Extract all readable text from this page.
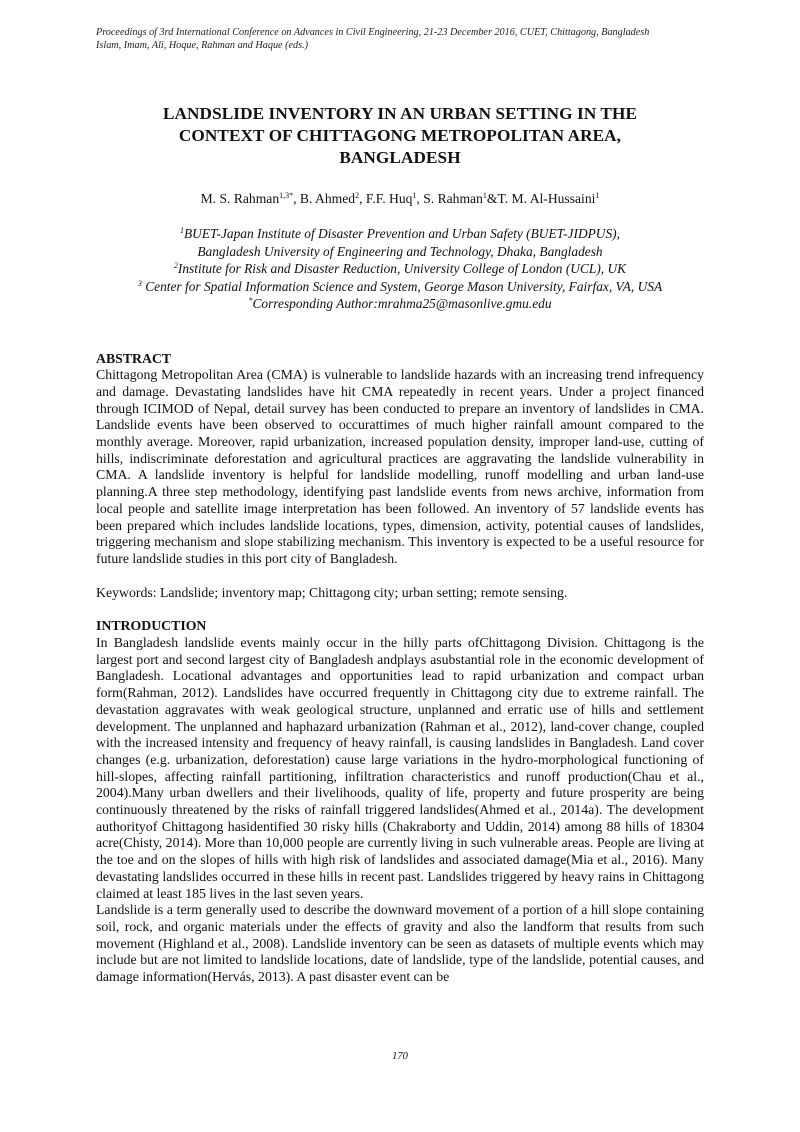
Proceedings of 3rd International Conference on Advances in Civil Engineering, 21-23 December 2016, CUET, Chittagong, Bangladesh
Islam, Imam, Ali, Hoque, Rahman and Haque (eds.)
LANDSLIDE INVENTORY IN AN URBAN SETTING IN THE
CONTEXT OF CHITTAGONG METROPOLITAN AREA,
BANGLADESH
M. S. Rahman$^{1,3*}$, B. Ahmed$^2$, F.F. Huq$^1$, S. Rahman$^1$&T. M. Al-Hussaini$^1$
$^1$BUET-Japan Institute of Disaster Prevention and Urban Safety (BUET-JIDPUS),
Bangladesh University of Engineering and Technology, Dhaka, Bangladesh
$^2$Institute for Risk and Disaster Reduction, University College of London (UCL), UK
$^3$ Center for Spatial Information Science and System, George Mason University, Fairfax, VA, USA
*Corresponding Author:mrahma25@masonlive.gmu.edu
ABSTRACT

Chittagong Metropolitan Area (CMA) is vulnerable to landslide hazards with an increasing trend infrequency and damage. Devastating landslides have hit CMA repeatedly in recent years. Under a project financed through ICIMOD of Nepal, detail survey has been conducted to prepare an inventory of landslides in CMA. Landslide events have been observed to occurattimes of much higher rainfall amount compared to the monthly average. Moreover, rapid urbanization, increased population density, improper land-use, cutting of hills, indiscriminate deforestation and agricultural practices are aggravating the landslide vulnerability in CMA. A landslide inventory is helpful for landslide modelling, runoff modelling and urban land-use planning.A three step methodology, identifying past landslide events from news archive, information from local people and satellite image interpretation has been followed. An inventory of 57 landslide events has been prepared which includes landslide locations, types, dimension, activity, potential causes of landslides, triggering mechanism and slope stabilizing mechanism. This inventory is expected to be a useful resource for future landslide studies in this port city of Bangladesh.

Keywords: Landslide; inventory map; Chittagong city; urban setting; remote sensing.
INTRODUCTION

In Bangladesh landslide events mainly occur in the hilly parts ofChittagong Division. Chittagong is the largest port and second largest city of Bangladesh andplays asubstantial role in the economic development of Bangladesh. Locational advantages and opportunities lead to rapid urbanization and compact urban form(Rahman, 2012). Landslides have occurred frequently in Chittagong city due to extreme rainfall. The devastation aggravates with weak geological structure, unplanned and erratic use of hills and settlement development. The unplanned and haphazard urbanization (Rahman et al., 2012), land-cover change, coupled with the increased intensity and frequency of heavy rainfall, is causing landslides in Bangladesh. Land cover changes (e.g. urbanization, deforestation) cause large variations in the hydro-morphological functioning of hill-slopes, affecting rainfall partitioning, infiltration characteristics and runoff production(Chau et al., 2004).Many urban dwellers and their livelihoods, quality of life, property and future prosperity are being continuously threatened by the risks of rainfall triggered landslides(Ahmed et al., 2014a). The development authorityof Chittagong hasidentified 30 risky hills (Chakraborty and Uddin, 2014) among 88 hills of 18304 acre(Chisty, 2014). More than 10,000 people are currently living in such vulnerable areas. People are living at the toe and on the slopes of hills with high risk of landslides and associated damage(Mia et al., 2016). Many devastating landslides occurred in these hills in recent past. Landslides triggered by heavy rains in Chittagong claimed at least 185 lives in the last seven years.

Landslide is a term generally used to describe the downward movement of a portion of a hill slope containing soil, rock, and organic materials under the effects of gravity and also the landform that results from such movement (Highland et al., 2008). Landslide inventory can be seen as datasets of multiple events which may include but are not limited to landslide locations, date of landslide, type of the landslide, potential causes, and damage information(Hervás, 2013). A past disaster event can be

170
